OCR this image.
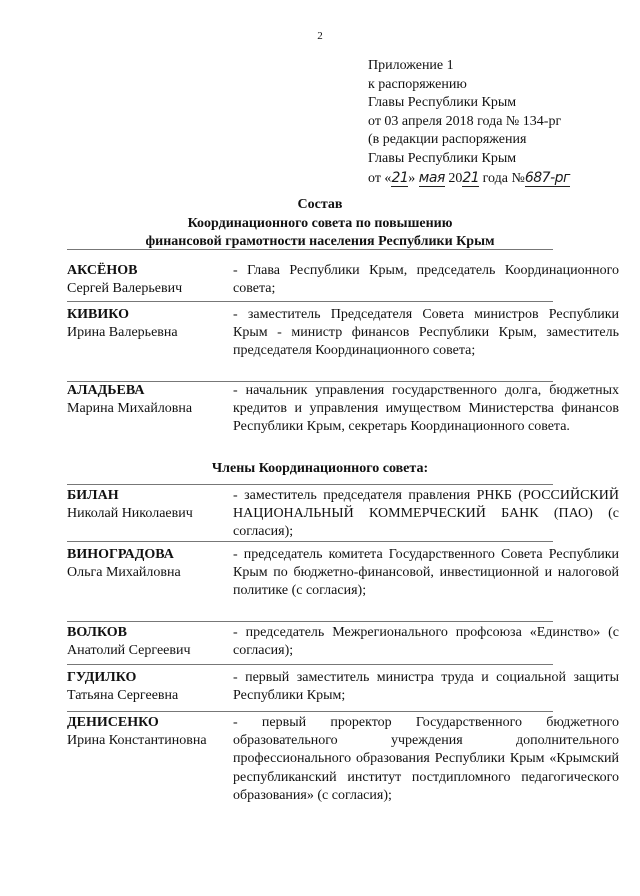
2
Приложение 1
к распоряжению
Главы Республики Крым
от 03 апреля 2018 года № 134-рг
(в редакции распоряжения
Главы Республики Крым
от «21» мая 2021 года №687-рг
Состав
Координационного совета по повышению
финансовой грамотности населения Республики Крым
АКСЁНОВ
Сергей Валерьевич
- Глава Республики Крым, председатель Координационного совета;
КИВИКО
Ирина Валерьевна
- заместитель Председателя Совета министров Республики Крым - министр финансов Республики Крым, заместитель председателя Координационного совета;
АЛАДЬЕВА
Марина Михайловна
- начальник управления государственного долга, бюджетных кредитов и управления имуществом Министерства финансов Республики Крым, секретарь Координационного совета.
Члены Координационного совета:
БИЛАН
Николай Николаевич
- заместитель председателя правления РНКБ (РОССИЙСКИЙ НАЦИОНАЛЬНЫЙ КОММЕРЧЕСКИЙ БАНК (ПАО) (с согласия);
ВИНОГРАДОВА
Ольга Михайловна
- председатель комитета Государственного Совета Республики Крым по бюджетно-финансовой, инвестиционной и налоговой политике (с согласия);
ВОЛКОВ
Анатолий Сергеевич
- председатель Межрегионального профсоюза «Единство» (с согласия);
ГУДИЛКО
Татьяна Сергеевна
- первый заместитель министра труда и социальной защиты Республики Крым;
ДЕНИСЕНКО
Ирина Константиновна
- первый проректор Государственного бюджетного образовательного учреждения дополнительного профессионального образования Республики Крым «Крымский республиканский институт постдипломного педагогического образования» (с согласия);
